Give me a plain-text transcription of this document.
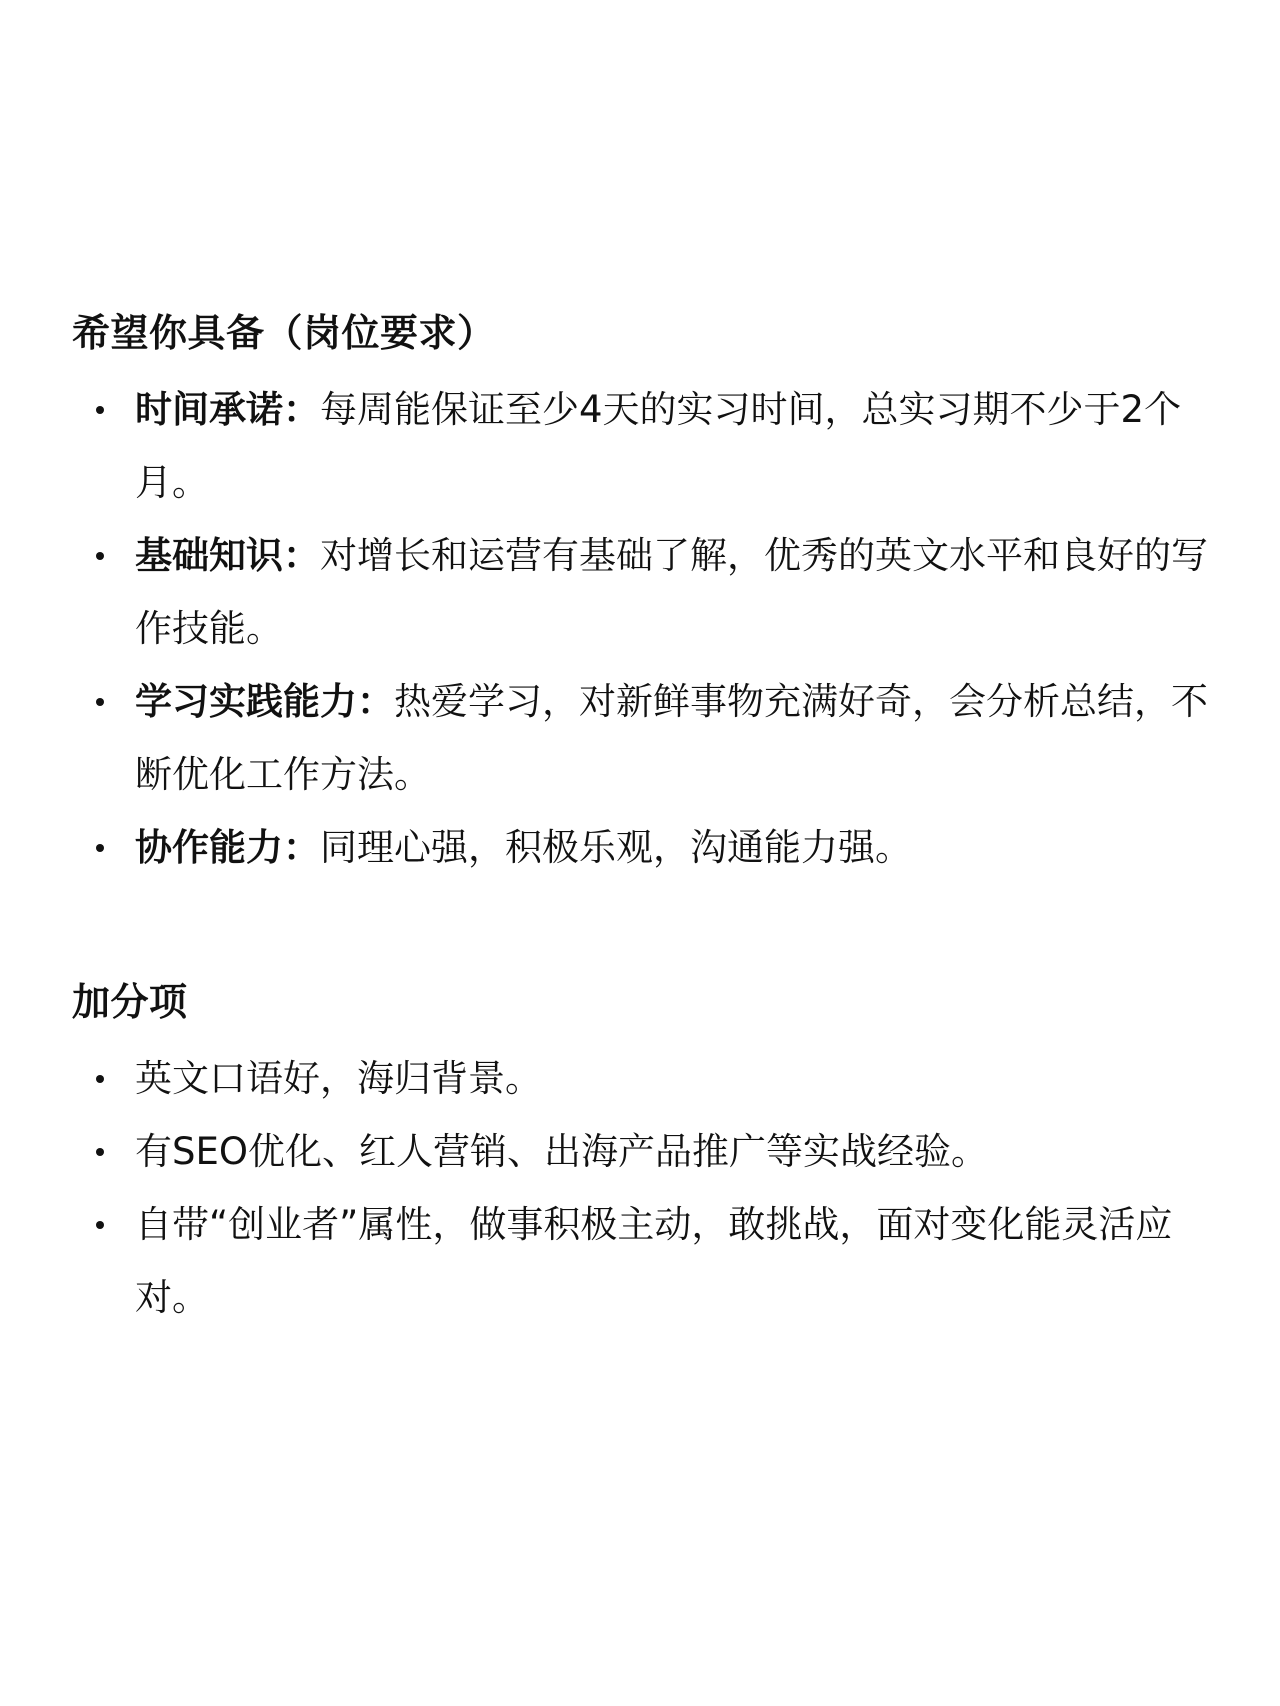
希望你具备（岗位要求）
时间承诺：每周能保证至少4天的实习时间，总实习期不少于2个月。
基础知识：对增长和运营有基础了解，优秀的英文水平和良好的写作技能。
学习实践能力：热爱学习，对新鲜事物充满好奇，会分析总结，不断优化工作方法。
协作能力：同理心强，积极乐观，沟通能力强。
加分项
英文口语好，海归背景。
有SEO优化、红人营销、出海产品推广等实战经验。
自带“创业者”属性，做事积极主动，敢挑战，面对变化能灵活应对。
